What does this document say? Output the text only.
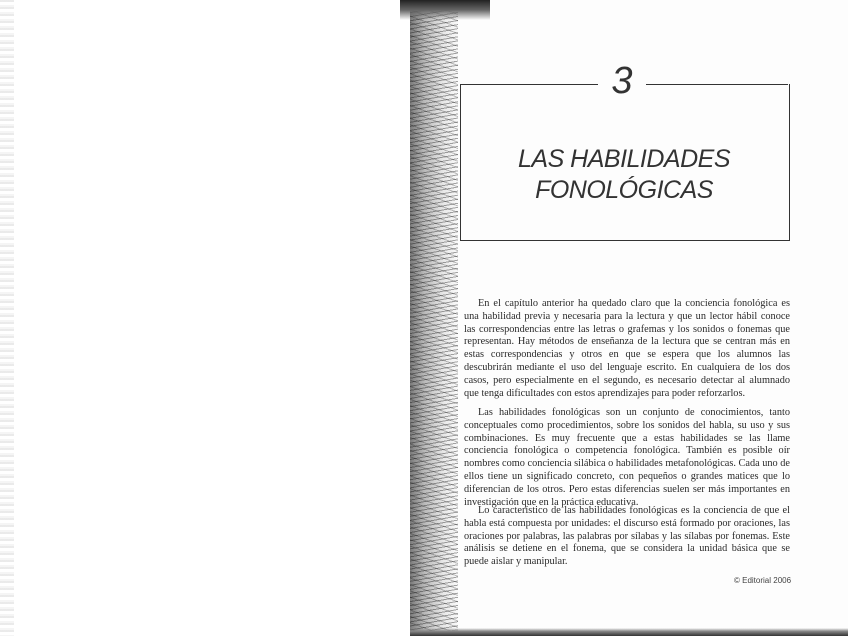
3
LAS HABILIDADES
FONOLÓGICAS

En el capítulo anterior ha quedado claro que la conciencia fonológica es una habilidad previa y necesaria para la lectura y que un lector hábil conoce las correspondencias entre las letras o grafemas y los sonidos o fonemas que representan. Hay métodos de enseñanza de la lectura que se centran más en estas correspondencias y otros en que se espera que los alumnos las descubrirán mediante el uso del lenguaje escrito. En cualquiera de los dos casos, pero especialmente en el segundo, es necesario detectar al alumnado que tenga dificultades con estos aprendizajes para poder reforzarlos.

Las habilidades fonológicas son un conjunto de conocimientos, tanto conceptuales como procedimientos, sobre los sonidos del habla, su uso y sus combinaciones. Es muy frecuente que a estas habilidades se las llame conciencia fonológica o competencia fonológica. También es posible oír nombres como conciencia silábica o habilidades metafonológicas. Cada uno de ellos tiene un significado concreto, con pequeños o grandes matices que lo diferencian de los otros. Pero estas diferencias suelen ser más importantes en investigación que en la práctica educativa.

Lo característico de las habilidades fonológicas es la conciencia de que el habla está compuesta por unidades: el discurso está formado por oraciones, las oraciones por palabras, las palabras por sílabas y las sílabas por fonemas. Este análisis se detiene en el fonema, que se considera la unidad básica que se puede aislar y manipular.

© Editorial 2006
